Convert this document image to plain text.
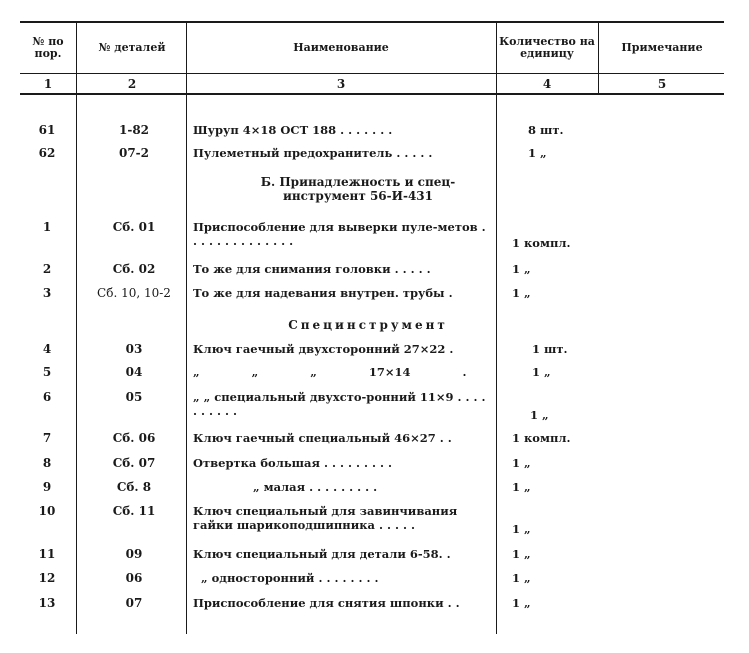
№ по пор.	№ деталей	Наименование	Количество на единицу	Примечание
1	2	3	4	5
61	1-82	Шуруп 4×18 ОСТ 188 . . . . . . .	8 шт.
62	07-2	Пулеметный предохранитель . . . . .	1 „
Б. Принадлежность и спец-инструмент 56-И-431
1	Сб. 01	Приспособление для выверки пуле-метов . . . . . . . . . . . . . .	1 компл.
2	Сб. 02	То же для снимания головки . . . . .	1 „
3	Сб. 10, 10-2	То же для надевания внутрен. трубы .	1 „
Специнструмент
4	03	Ключ гаечный двухсторонний 27×22 .	1 шт.
5	04	„ „ „ 17×14 .	1 „
6	05	„ „ специальный двухсто-ронний 11×9 . . . . . . . . . .	1 „
7	Сб. 06	Ключ гаечный специальный 46×27 . .	1 компл.
8	Сб. 07	Отвертка большая . . . . . . . . .	1 „
9	Сб. 8	„ малая . . . . . . . . .	1 „
10	Сб. 11	Ключ специальный для завинчивания гайки шарикоподшипника . . . . .	1 „
11	09	Ключ специальный для детали 6-58. .	1 „
12	06	„ односторонний . . . . . . . .	1 „
13	07	Приспособление для снятия шпонки . .	1 „
